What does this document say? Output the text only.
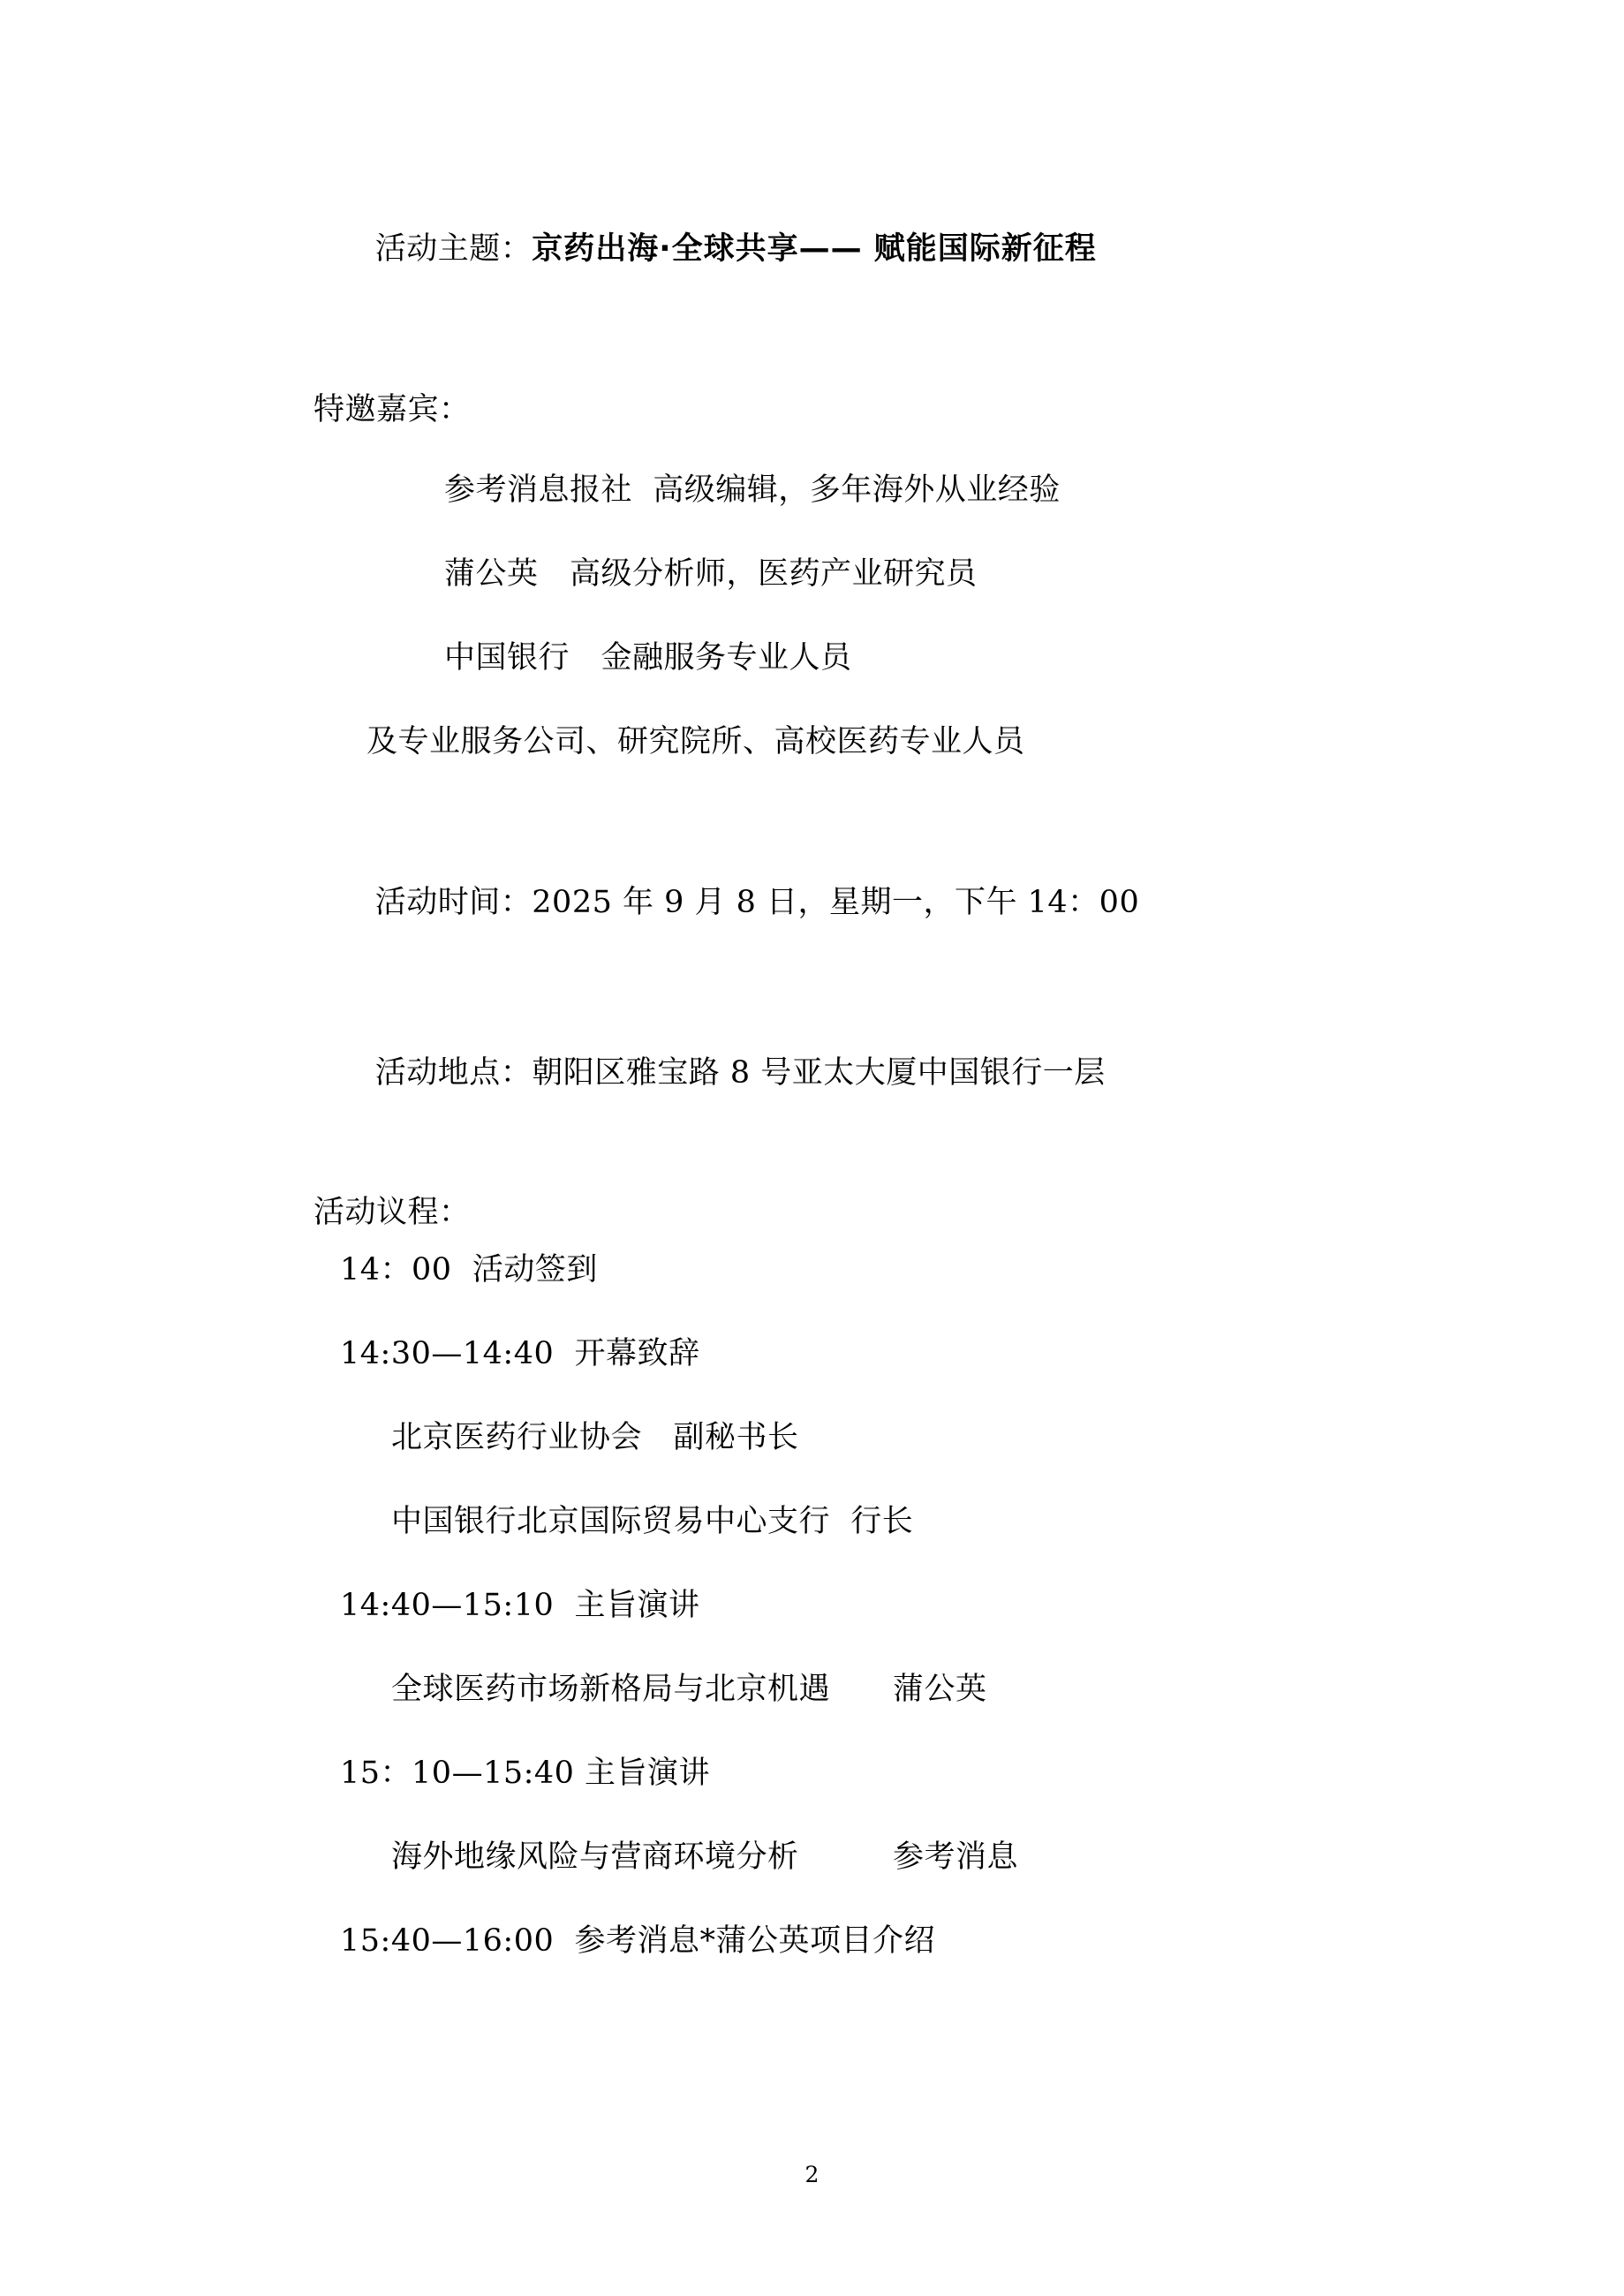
活动主题：京药出海·全球共享—— 赋能国际新征程

特邀嘉宾：
参考消息报社  高级编辑，多年海外从业经验
蒲公英　高级分析师，医药产业研究员
中国银行　金融服务专业人员
及专业服务公司、研究院所、高校医药专业人员

活动时间：2025 年 9 月 8 日，星期一，下午 14：00

活动地点：朝阳区雅宝路 8 号亚太大厦中国银行一层

活动议程：
14：00  活动签到
14:30—14:40  开幕致辞
北京医药行业协会　副秘书长
中国银行北京国际贸易中心支行  行长
14:40—15:10  主旨演讲
全球医药市场新格局与北京机遇　　蒲公英
15：10—15:40 主旨演讲
海外地缘风险与营商环境分析　　　参考消息
15:40—16:00  参考消息*蒲公英项目介绍
2
